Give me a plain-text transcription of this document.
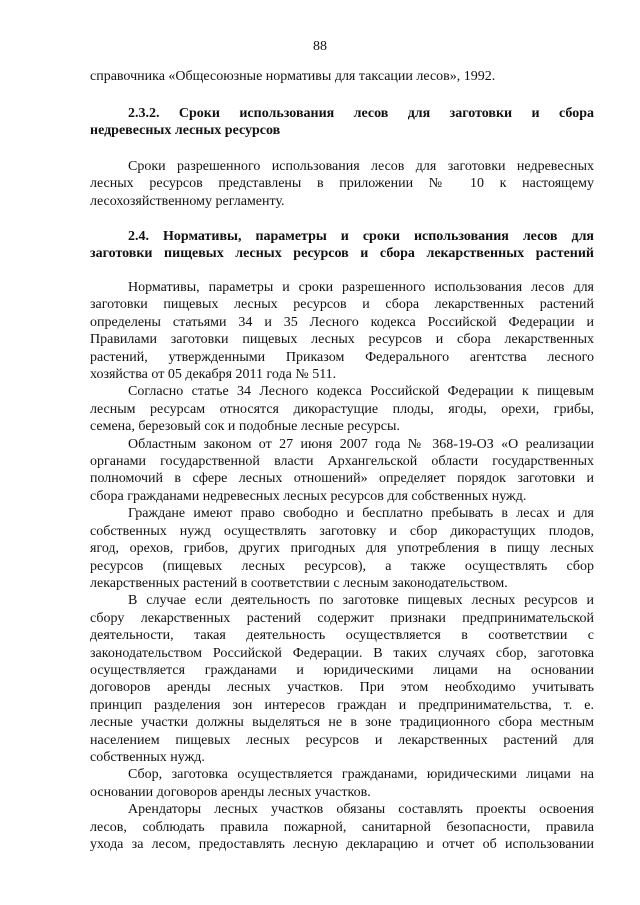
88

справочника «Общесоюзные нормативы для таксации лесов», 1992.

2.3.2. Сроки использования лесов для заготовки и сбора

недревесных лесных ресурсов

Сроки разрешенного использования лесов для заготовки недревесных

лесных ресурсов представлены в приложении № 10 к настоящему

лесохозяйственному регламенту.

2.4. Нормативы, параметры и сроки использования лесов для

заготовки пищевых лесных ресурсов и сбора лекарственных растений

Нормативы, параметры и сроки разрешенного использования лесов для

заготовки пищевых лесных ресурсов и сбора лекарственных растений

определены статьями 34 и 35 Лесного кодекса Российской Федерации и

Правилами заготовки пищевых лесных ресурсов и сбора лекарственных

растений, утвержденными Приказом Федерального агентства лесного

хозяйства от 05 декабря 2011 года № 511.

Согласно статье 34 Лесного кодекса Российской Федерации к пищевым

лесным ресурсам относятся дикорастущие плоды, ягоды, орехи, грибы,

семена, березовый сок и подобные лесные ресурсы.

Областным законом от 27 июня 2007 года № 368-19-ОЗ «О реализации

органами государственной власти Архангельской области государственных

полномочий в сфере лесных отношений» определяет порядок заготовки и

сбора гражданами недревесных лесных ресурсов для собственных нужд.

Граждане имеют право свободно и бесплатно пребывать в лесах и для

собственных нужд осуществлять заготовку и сбор дикорастущих плодов,

ягод, орехов, грибов, других пригодных для употребления в пищу лесных

ресурсов (пищевых лесных ресурсов), а также осуществлять сбор

лекарственных растений в соответствии с лесным законодательством.

В случае если деятельность по заготовке пищевых лесных ресурсов и

сбору лекарственных растений содержит признаки предпринимательской

деятельности, такая деятельность осуществляется в соответствии с

законодательством Российской Федерации. В таких случаях сбор, заготовка

осуществляется гражданами и юридическими лицами на основании

договоров аренды лесных участков. При этом необходимо учитывать

принцип разделения зон интересов граждан и предпринимательства, т. е.

лесные участки должны выделяться не в зоне традиционного сбора местным

населением пищевых лесных ресурсов и лекарственных растений для

собственных нужд.

Сбор, заготовка осуществляется гражданами, юридическими лицами на

основании договоров аренды лесных участков.

Арендаторы лесных участков обязаны составлять проекты освоения

лесов, соблюдать правила пожарной, санитарной безопасности, правила

ухода за лесом, предоставлять лесную декларацию и отчет об использовании
